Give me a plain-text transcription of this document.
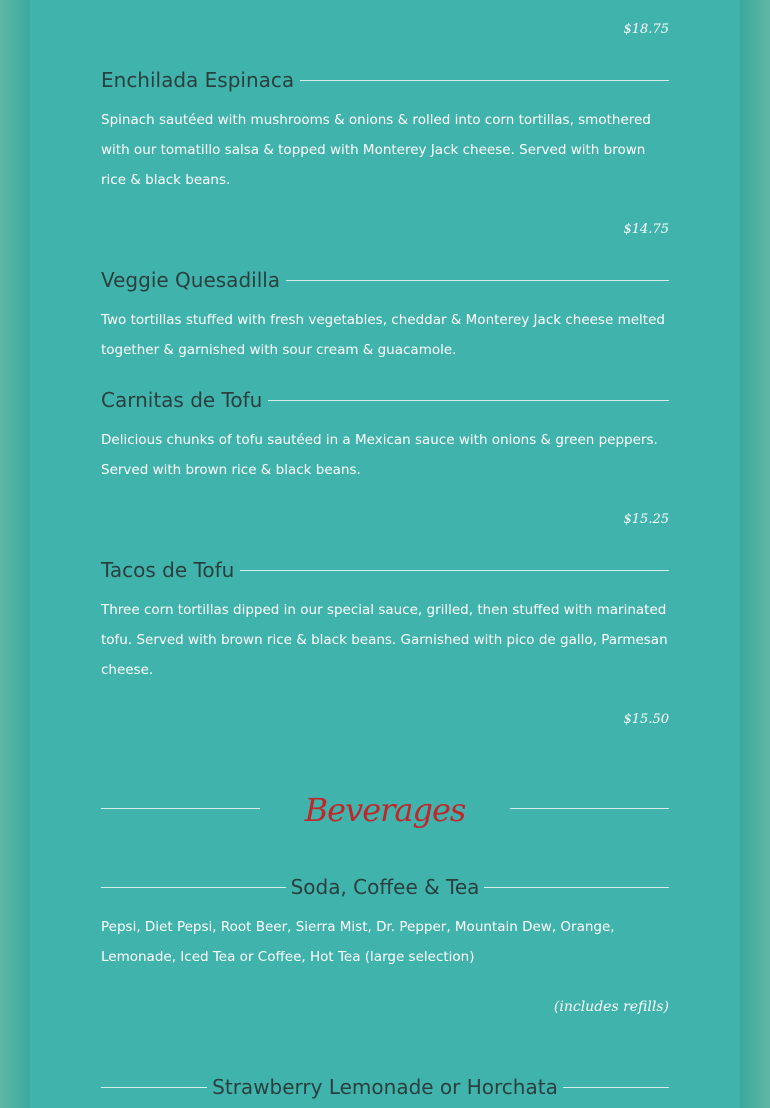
$18.75
Enchilada Espinaca

Spinach sautéed with mushrooms & onions & rolled into corn tortillas, smothered with our tomatillo salsa & topped with Monterey Jack cheese. Served with brown rice & black beans.

$14.75
Veggie Quesadilla

Two tortillas stuffed with fresh vegetables, cheddar & Monterey Jack cheese melted together & garnished with sour cream & guacamole.

Carnitas de Tofu

Delicious chunks of tofu sautéed in a Mexican sauce with onions & green peppers. Served with brown rice & black beans.

$15.25
Tacos de Tofu

Three corn tortillas dipped in our special sauce, grilled, then stuffed with marinated tofu. Served with brown rice & black beans. Garnished with pico de gallo, Parmesan cheese.

$15.50
Beverages
Soda, Coffee & Tea

Pepsi, Diet Pepsi, Root Beer, Sierra Mist, Dr. Pepper, Mountain Dew, Orange, Lemonade, Iced Tea or Coffee, Hot Tea (large selection)

(includes refills)
Strawberry Lemonade or Horchata
